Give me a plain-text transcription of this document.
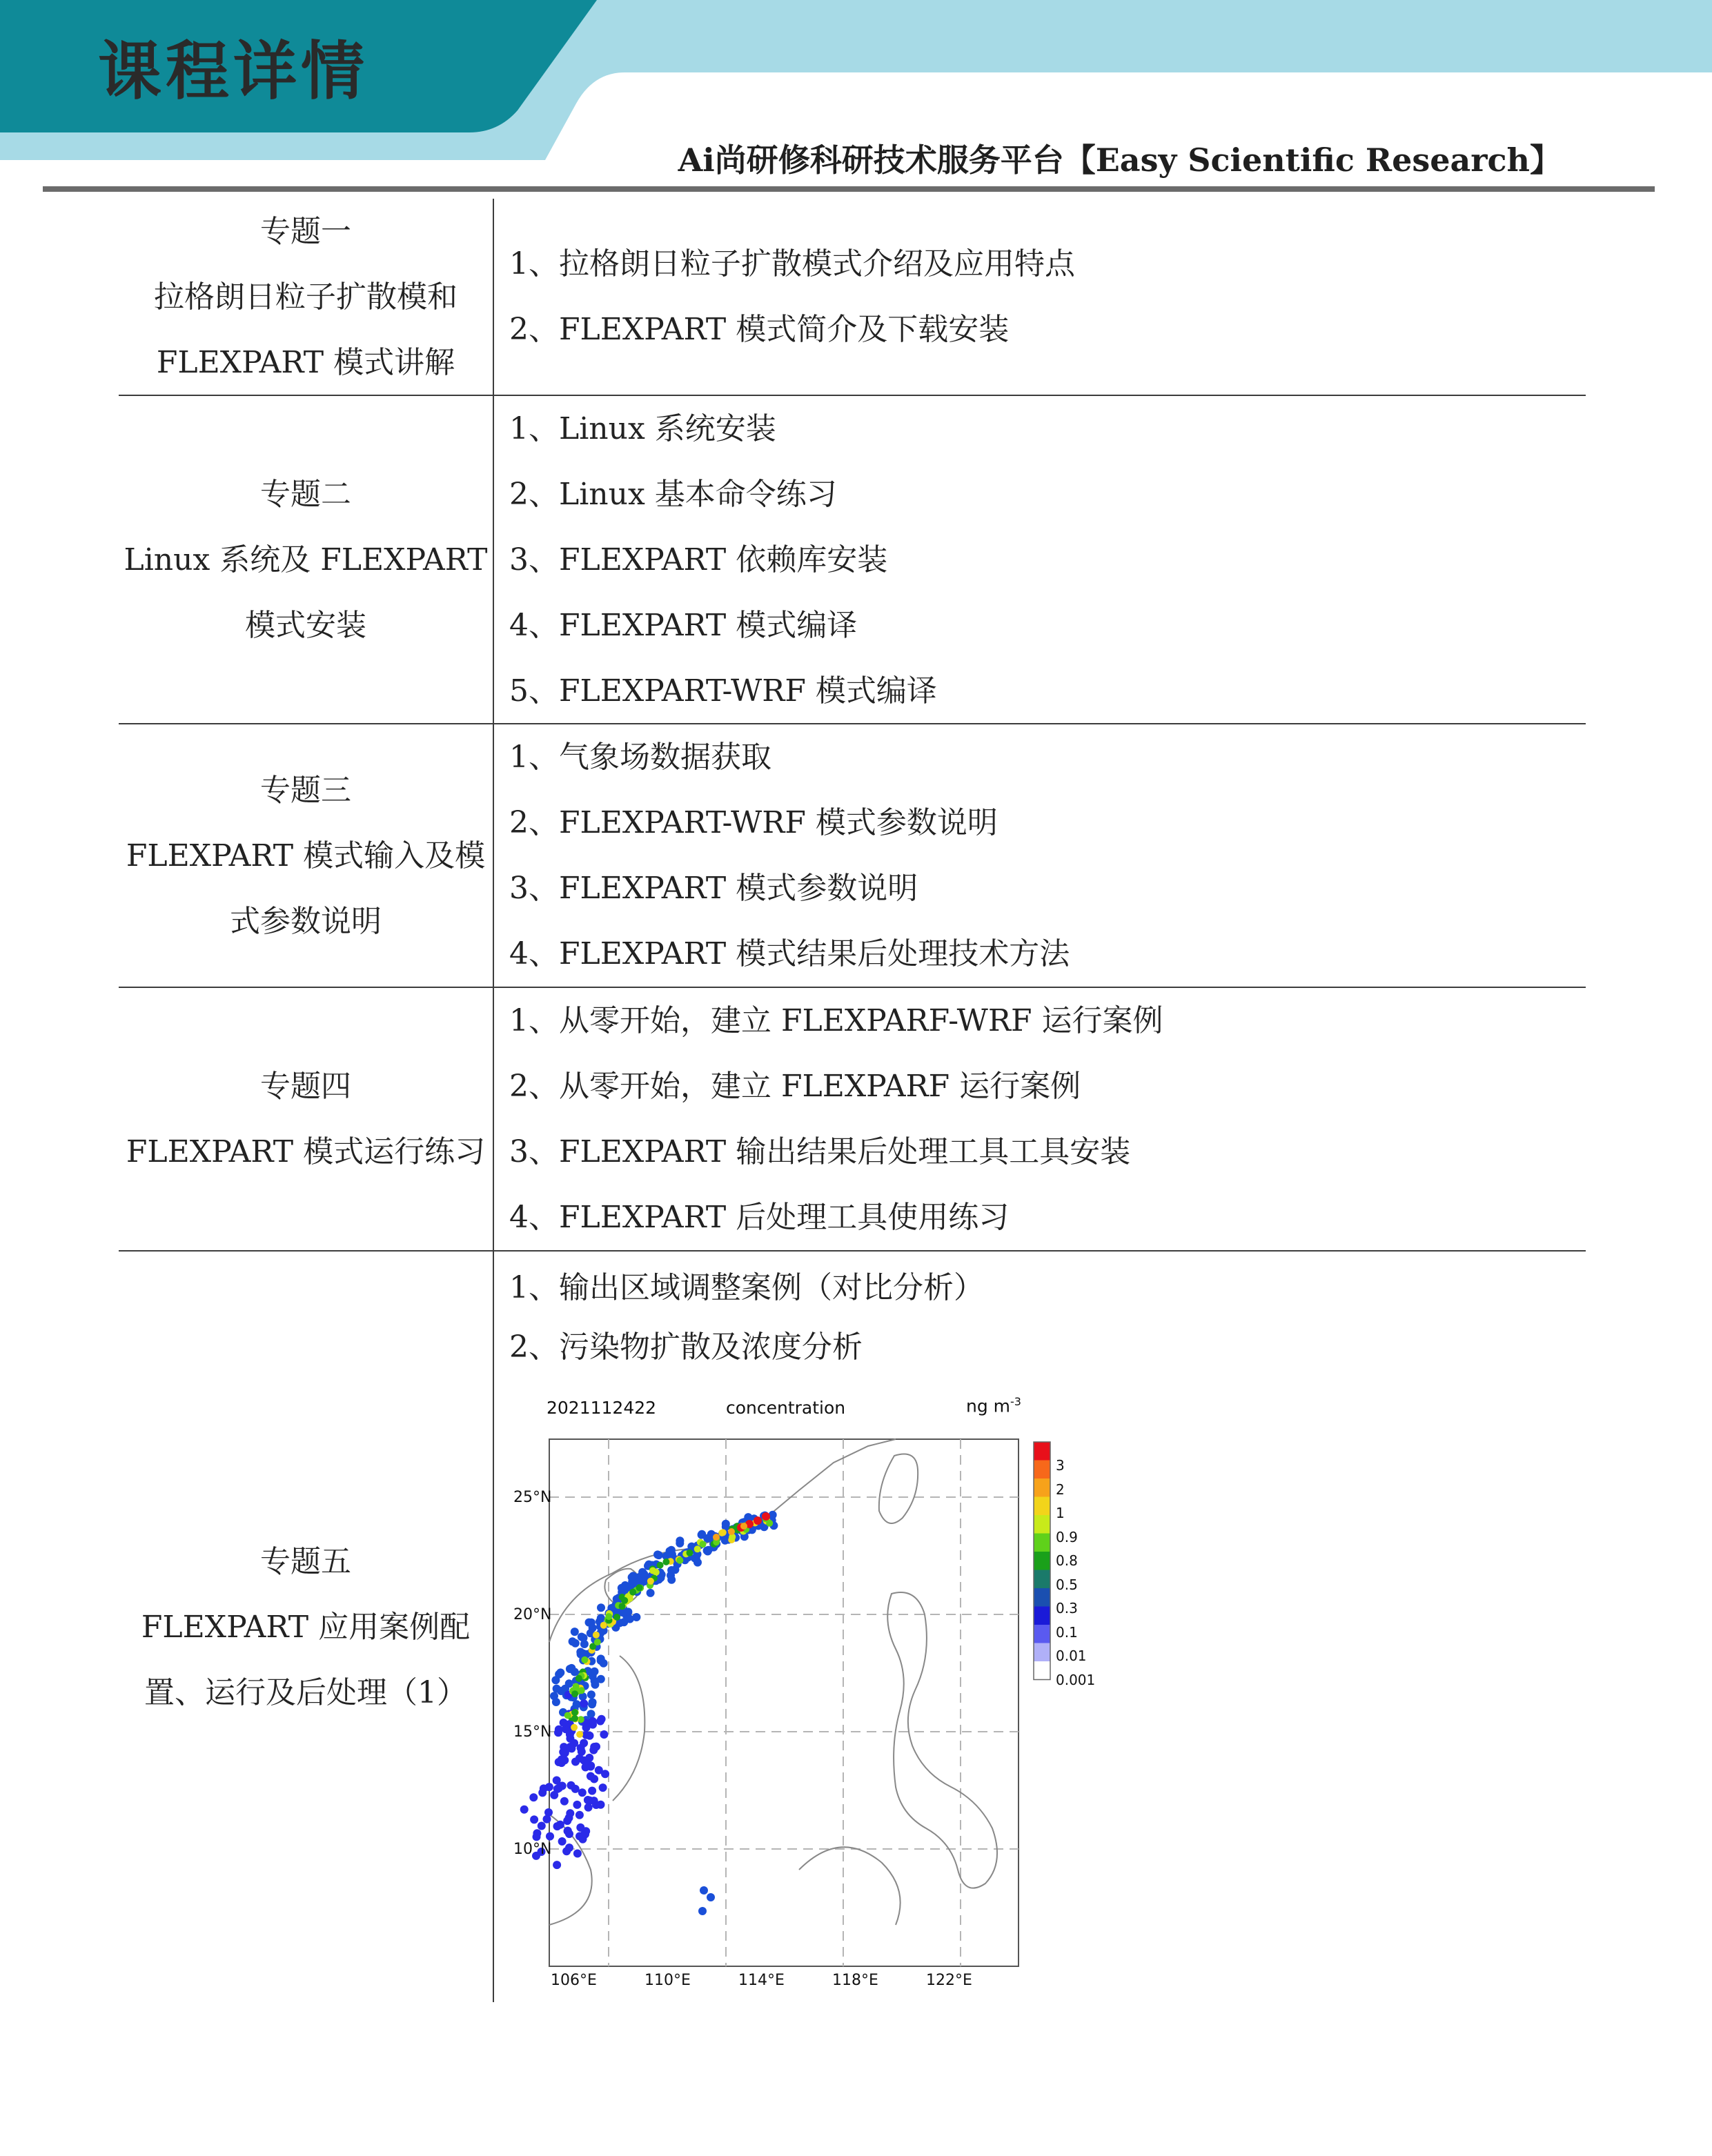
课程详情
Ai尚研修科研技术服务平台【Easy Scientific Research】
专题一
拉格朗日粒子扩散模和
FLEXPART 模式讲解
1、拉格朗日粒子扩散模式介绍及应用特点
2、FLEXPART 模式简介及下载安装
专题二
Linux 系统及 FLEXPART
模式安装
1、Linux 系统安装
2、Linux 基本命令练习
3、FLEXPART 依赖库安装
4、FLEXPART 模式编译
5、FLEXPART-WRF 模式编译
专题三
FLEXPART 模式输入及模
式参数说明
1、气象场数据获取
2、FLEXPART-WRF 模式参数说明
3、FLEXPART 模式参数说明
4、FLEXPART 模式结果后处理技术方法
专题四
FLEXPART 模式运行练习
1、从零开始，建立 FLEXPARF-WRF 运行案例
2、从零开始，建立 FLEXPARF 运行案例
3、FLEXPART 输出结果后处理工具工具安装
4、FLEXPART 后处理工具使用练习
专题五
FLEXPART 应用案例配
置、运行及后处理（1）
1、输出区域调整案例（对比分析）
2、污染物扩散及浓度分析
2021112422	concentration	ng $m^{-3}$
25°N
20°N
15°N
10°N
106°E	110°E	114°E	118°E	122°E
3
2
1
0.9
0.8
0.5
0.3
0.1
0.01
0.001
